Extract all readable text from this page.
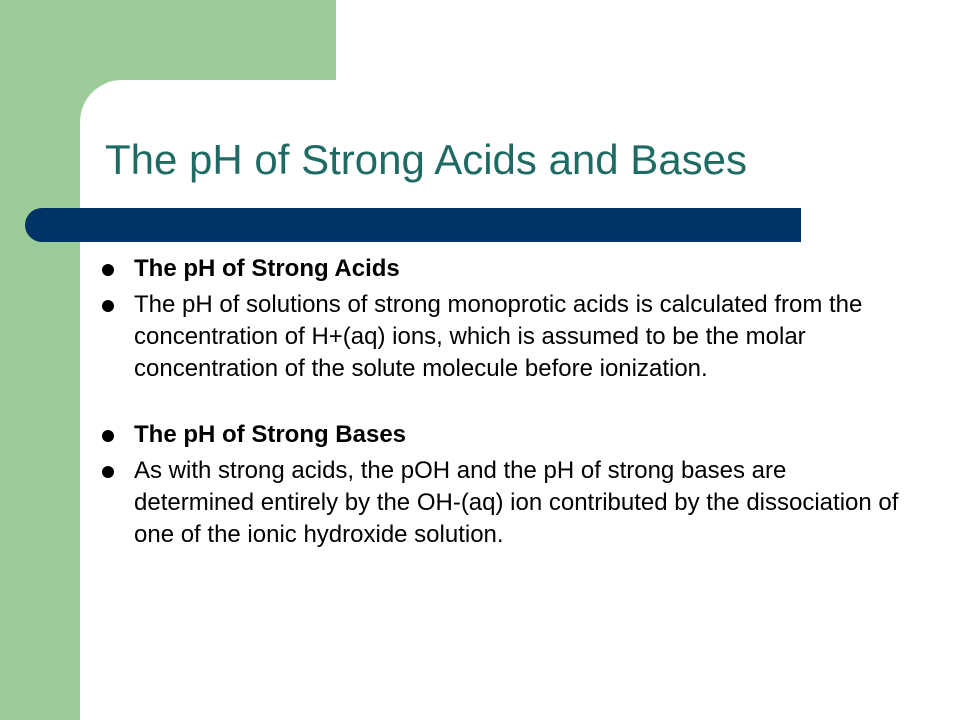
The pH of Strong Acids and Bases
The pH of Strong Acids
The pH of solutions of strong monoprotic acids is calculated from the concentration of H+(aq) ions, which is assumed to be the molar concentration of the solute molecule before ionization.
The pH of Strong Bases
As with strong acids, the pOH and the pH of strong bases are determined entirely by the OH-(aq) ion contributed by the dissociation of one of the ionic hydroxide solution.
